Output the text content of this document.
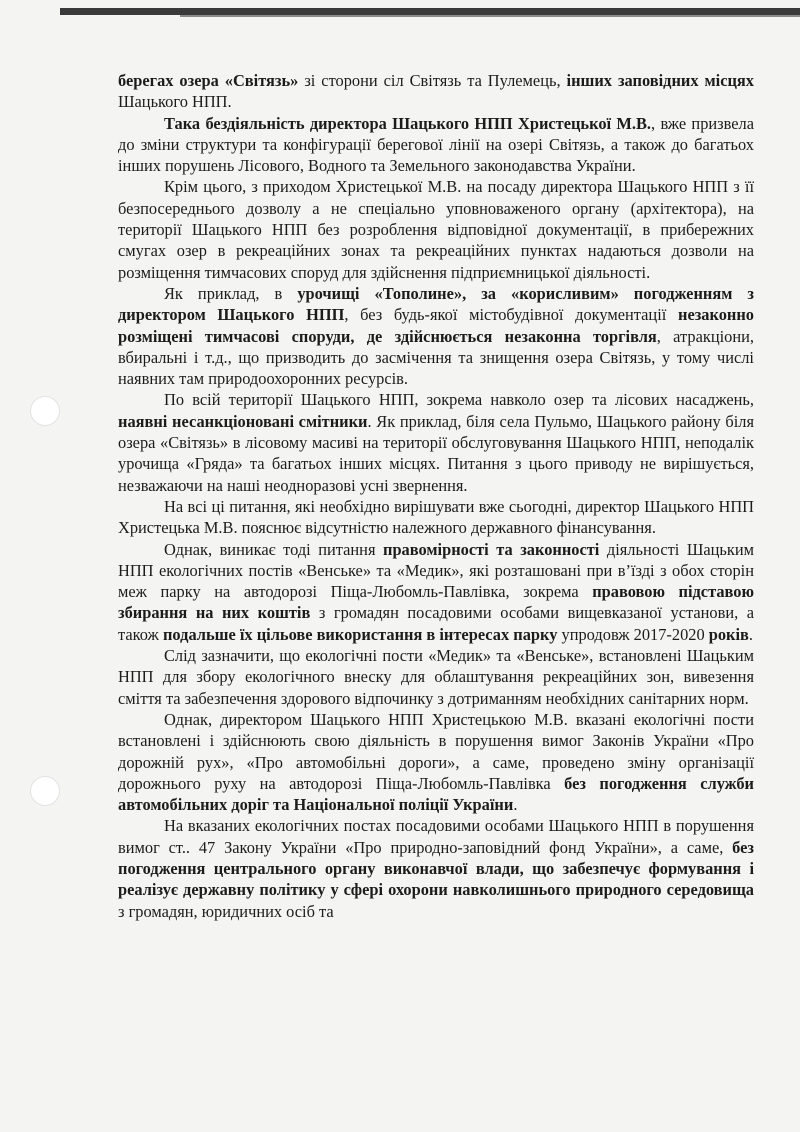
берегах озера «Світязь» зі сторони сіл Світязь та Пулемець, інших заповідних місцях Шацького НПП.

Така бездіяльність директора Шацького НПП Христецької М.В., вже призвела до зміни структури та конфігурації берегової лінії на озері Світязь, а також до багатьох інших порушень Лісового, Водного та Земельного законодавства України.

Крім цього, з приходом Христецької М.В. на посаду директора Шацького НПП з її безпосереднього дозволу а не спеціально уповноваженого органу (архітектора), на території Шацького НПП без розроблення відповідної документації, в прибережних смугах озер в рекреаційних зонах та рекреаційних пунктах надаються дозволи на розміщення тимчасових споруд для здійснення підприємницької діяльності.

Як приклад, в урочищі «Тополине», за «корисливим» погодженням з директором Шацького НПП, без будь-якої містобудівної документації незаконно розміщені тимчасові споруди, де здійснюється незаконна торгівля, атракціони, вбиральні і т.д., що призводить до засмічення та знищення озера Світязь, у тому числі наявних там природоохоронних ресурсів.

По всій території Шацького НПП, зокрема навколо озер та лісових насаджень, наявні несанкціоновані смітники. Як приклад, біля села Пульмо, Шацького району біля озера «Світязь» в лісовому масиві на території обслуговування Шацького НПП, неподалік урочища «Гряда» та багатьох інших місцях. Питання з цього приводу не вирішується, незважаючи на наші неодноразові усні звернення.

На всі ці питання, які необхідно вирішувати вже сьогодні, директор Шацького НПП Христецька М.В. пояснює відсутністю належного державного фінансування.

Однак, виникає тоді питання правомірності та законності діяльності Шацьким НПП екологічних постів «Венське» та «Медик», які розташовані при в’їзді з обох сторін меж парку на автодорозі Піща-Любомль-Павлівка, зокрема правовою підставою збирання на них коштів з громадян посадовими особами вищевказаної установи, а також подальше їх цільове використання в інтересах парку упродовж 2017-2020 років.

Слід зазначити, що екологічні пости «Медик» та «Венське», встановлені Шацьким НПП для збору екологічного внеску для облаштування рекреаційних зон, вивезення сміття та забезпечення здорового відпочинку з дотриманням необхідних санітарних норм.

Однак, директором Шацького НПП Христецькою М.В. вказані екологічні пости встановлені і здійснюють свою діяльність в порушення вимог Законів України «Про дорожній рух», «Про автомобільні дороги», а саме, проведено зміну організації дорожнього руху на автодорозі Піща-Любомль-Павлівка без погодження служби автомобільних доріг та Національної поліції України.

На вказаних екологічних постах посадовими особами Шацького НПП в порушення вимог ст.. 47 Закону України «Про природно-заповідний фонд України», а саме, без погодження центрального органу виконавчої влади, що забезпечує формування і реалізує державну політику у сфері охорони навколишнього природного середовища з громадян, юридичних осіб та
